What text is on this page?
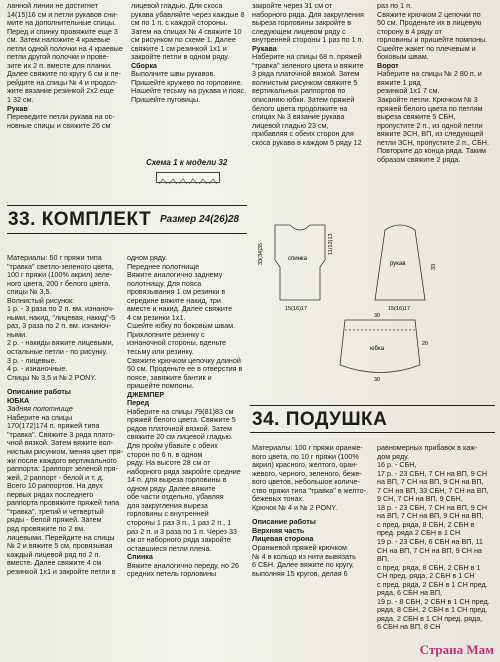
ланной линии не достигнет

14(15)16 см и петли рукавов сни-

мите на дополнительные спицы.

Перед и спинку провяжите еще 3

см. Затем наложите 4 краевые

петли одной полочки на 4 краевые

петли другой полочки и прове-

зите их 2 п. вместе для планки.

Далее свяжите по кругу 6 см и пе-

рейдите на спицы № 4 и продол-

жите вязание резинкой 2х2 еще

1 32 см.

Рукав

Переведите петли рукава на ос-

новные спицы и свяжите 26 см

лицевой гладью. Для скоса

рукава убавляйте через каждые 8

см по 1 п. с каждой стороны.

Затем на спицах № 4 свяжите 10

см рисунком по схеме 1. Далее

свяжите 1 см резинкой 1х1 и

закройте петли в одном ряду.

Сборка

Выполните швы рукавов.

Пришейте кружево по горловине.

Нашейте тесьму на рукава и пояс.

Пришейте пуговицы.

Схема 1 к модели 32

закройте через 31 см от

наборного ряда. Для закругления

выреза горловины закройте в

следующем лицевом ряду с

внутренней стороны 1 раз по 1 п.

Рукава

Наберите на спицы 68 п. пряжей

"травка" зеленого цвета и вяжите

3 ряда платочной вязкой. Затем

волнистым рисунком свяжите 5

вертикальных раппортов по

описанию юбки. Затем пряжей

белого цвета продолжите на

спицах № 3 вязание рукава

лицевой гладью 23 см,

прибавляя с обеих сторон для

скоса рукава в каждом 5 ряду 12

раз по 1 п.

Свяжите крючком 2 цепочки по

50 см. Проденьте их в лицевую

сторону в 4 ряду от

горловины и пришейте помпоны.

Сшейте жакет по плечевым и

боковым швам.

Ворот

Наберите на спицы № 2 80 п. и

вяжите 1 ряд

резинкой 1х1 7 см.

Закройте петли. Крючком № 3

пряжей белого цвета по петлям

выреза свяжите 5 СБН,

пропустите 2 п., из одной петли

вяжите ЗСН, ВП, из следующей

петли ЗСН, пропустите 2 п., СБН.

Повторите до конца ряда. Таким

образом свяжите 2 ряда.

33. КОМПЛЕКТ Размер 24(26)28

Материалы: 50 г пряжи типа

"травка" светло-зеленого цвета,

100 г пряжи (100% акрил) зеле-

ного цвета, 200 г белого цвета,

спицы № 3,5.

Волнистый рисунок:

1 р. - 3 раза по 2 п. вм. изнаноч-

ными, накид, "лицевая, накид"-5

раз, 3 раза по 2 п. вм. изнаноч-

ными.

2 р. - накиды вяжите лицевыми,

остальные петли - по рисунку.

3 р. - лицевые.

4 р. - изнаночные.

Спицы № 3,5 и № 2 PONY.

Описание работы

ЮБКА

Задняя полотнище

Наберите на спицы

170(172)174 п. пряжей типа

"травка". Свяжите 3 ряда плато-

чной вязкой. Затем вяжите вол-

нистым рисунком, меняя цвет пря-

жи после каждого вертикального

раппорта: 1раппорт зеленой пря-

жей, 2 раппорт - белой и т. д.

Всего 10 раппортов. На двух

первых рядах последнего

раппорта провяжите пряжей типа

"травка", третий и четвертый

ряды - белой пряжей. Затем

ряд провяжите по 2 вм.

лицевыми. Перейдите на спицы

№ 2 и вяжите 5 см, провязывая

каждый лицевой ряд по 2 п.

вместе. Далее свяжите 4 см

резинкой 1х1 и закройте петли в

одном ряду.

Переднее полотнище

Вяжите аналогично заднему

полотнищу. Для пояса

провязывания 1 см резинки в

середине вяжите накид, три

вместе и накид. Далее свяжите

4 см резинки 1х1.

Сшейте юбку по боковым швам.

Прихлопните резинку с

изнаночной стороны, вденьте

тесьму или резинку.

Свяжите крючком цепочку длиной

50 см. Проденьте ее в отверстия в

поясе, завяжите бантик и

пришейте помпоны.

ДЖЕМПЕР

Перед

Наберите на спицы 79(81)83 см

пряжей белого цвета. Свяжите 5

рядов платочной вязкой. Затем

свяжите 20 см лицевой гладью.

Для пройм убавьте с обеих

сторон по 6 п. в одном

ряду. На высоте 28 см от

наборного ряда закройте средние

14 п. для выреза горловины в

одном ряду. Далее вяжите

обе части отдельно, убавляя

для закругления выреза

горловины с внутренней

стороны 1 раз 3 п., 1 раз 2 п., 1

раз 2 п. и 3 раза по 1 п. Через 33

см от наборного ряда закройте

оставшиеся петли плеча.

Спинка

Вяжите аналогично переду, но 26

средних петель горловины

спинка
рукав
15(16)17
33(34)35	11(12)13
15(16)17
33
30
30
20
юбка
34. ПОДУШКА

Материалы: 100 г пряжи оранже-

вого цвета, по 10 г пряжи (100%

акрил) красного, желтого, оран-

жевого, черного, зеленого, беже-

вого цветов, небольшое количе-

ство пряжи типа "травка" в желто-

бежевых тонах.

Крючок № 4 и № 2 PONY.

Описание работы

Верхняя часть

Лицевая сторона

Оранжевой пряжей крючком

№ 4 в кольцо из нити вывязать

6 СБН. Далее вяжите по кругу,

выполняя 15 кругов, делая 6

равномерных прибавок в каж-

дом ряду.

16 р. - СБН,

17 р. - 23 СБН, 7 СН на ВП, 9 СН

на ВП, 7 СН на ВП, 9 СН на ВП,

7 СН на ВП, 33 СБН, 7 СН на ВП,

9 СН, 7 СН на ВП, 9 СБН,

18 р. - 23 СБН, 7 СН на ВП, 9 СН

на ВП, 7 СН на ВП, 9 СН на ВП,

с пред. ряда, 8 СБН, 2 СБН в

пред. ряда 2 СБН в 1 СН

19 р. - 23 СБН, 6 СБН на ВП, 11

СН на ВП, 7 СН на ВП, 9 СН на ВП,

с пред. ряда, 8 СБН, 2 СБН в 1

СН пред. ряда, 2 СБН в 1 СН

с пред. ряда, 2 СБН в 1 СН пред.

ряда, 6 СБН на ВП,

19 р. - 8 СБН, 2 СБН в 1 СН пред.

ряда, 8 СБН, 2 СБН в 1 СН пред.

ряда, 2 СБН в 1 СН пред. ряда,

6 СБН на ВП, 8 СН

Страна Мам
